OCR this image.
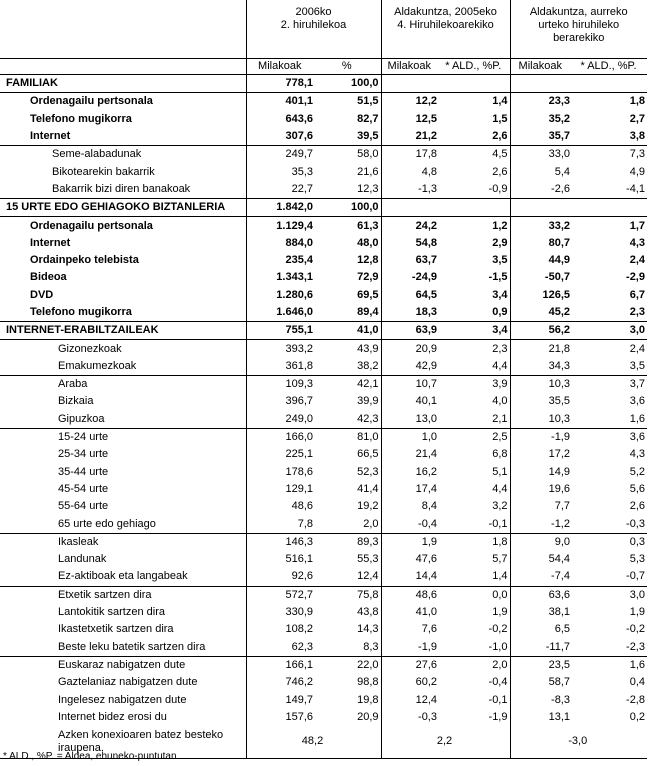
	2006ko
2. hiruhilekoa		Aldakuntza, 2005eko
4. Hiruhilekoarekiko		Aldakuntza, aurreko
urteko hiruhileko
berarekiko	
	Milakoak	%	Milakoak	* ALD., %P.	Milakoak	* ALD., %P.
FAMILIAK	778,1	100,0				
Ordenagailu pertsonala	401,1	51,5	12,2	1,4	23,3	1,8
Telefono mugikorra	643,6	82,7	12,5	1,5	35,2	2,7
Internet	307,6	39,5	21,2	2,6	35,7	3,8
Seme-alabadunak	249,7	58,0	17,8	4,5	33,0	7,3
Bikotearekin bakarrik	35,3	21,6	4,8	2,6	5,4	4,9
Bakarrik bizi diren banakoak	22,7	12,3	-1,3	-0,9	-2,6	-4,1
15 URTE EDO GEHIAGOKO BIZTANLERIA	1.842,0	100,0				
Ordenagailu pertsonala	1.129,4	61,3	24,2	1,2	33,2	1,7
Internet	884,0	48,0	54,8	2,9	80,7	4,3
Ordainpeko telebista	235,4	12,8	63,7	3,5	44,9	2,4
Bideoa	1.343,1	72,9	-24,9	-1,5	-50,7	-2,9
DVD	1.280,6	69,5	64,5	3,4	126,5	6,7
Telefono mugikorra	1.646,0	89,4	18,3	0,9	45,2	2,3
INTERNET-ERABILTZAILEAK	755,1	41,0	63,9	3,4	56,2	3,0
Gizonezkoak	393,2	43,9	20,9	2,3	21,8	2,4
Emakumezkoak	361,8	38,2	42,9	4,4	34,3	3,5
Araba	109,3	42,1	10,7	3,9	10,3	3,7
Bizkaia	396,7	39,9	40,1	4,0	35,5	3,6
Gipuzkoa	249,0	42,3	13,0	2,1	10,3	1,6
15-24 urte	166,0	81,0	1,0	2,5	-1,9	3,6
25-34 urte	225,1	66,5	21,4	6,8	17,2	4,3
35-44 urte	178,6	52,3	16,2	5,1	14,9	5,2
45-54 urte	129,1	41,4	17,4	4,4	19,6	5,6
55-64 urte	48,6	19,2	8,4	3,2	7,7	2,6
65 urte edo gehiago	7,8	2,0	-0,4	-0,1	-1,2	-0,3
Ikasleak	146,3	89,3	1,9	1,8	9,0	0,3
Landunak	516,1	55,3	47,6	5,7	54,4	5,3
Ez-aktiboak eta langabeak	92,6	12,4	14,4	1,4	-7,4	-0,7
Etxetik sartzen dira	572,7	75,8	48,6	0,0	63,6	3,0
Lantokitik sartzen dira	330,9	43,8	41,0	1,9	38,1	1,9
Ikastetxetik sartzen dira	108,2	14,3	7,6	-0,2	6,5	-0,2
Beste leku batetik sartzen dira	62,3	8,3	-1,9	-1,0	-11,7	-2,3
Euskaraz nabigatzen dute	166,1	22,0	27,6	2,0	23,5	1,6
Gaztelaniaz nabigatzen dute	746,2	98,8	60,2	-0,4	58,7	0,4
Ingelesez nabigatzen dute	149,7	19,8	12,4	-0,1	-8,3	-2,8
Internet bidez erosi du	157,6	20,9	-0,3	-1,9	13,1	0,2
Azken konexioaren batez besteko iraupena.	48,2		2,2		-3,0	
* ALD., %P. = Aldea, ehuneko-puntutan
